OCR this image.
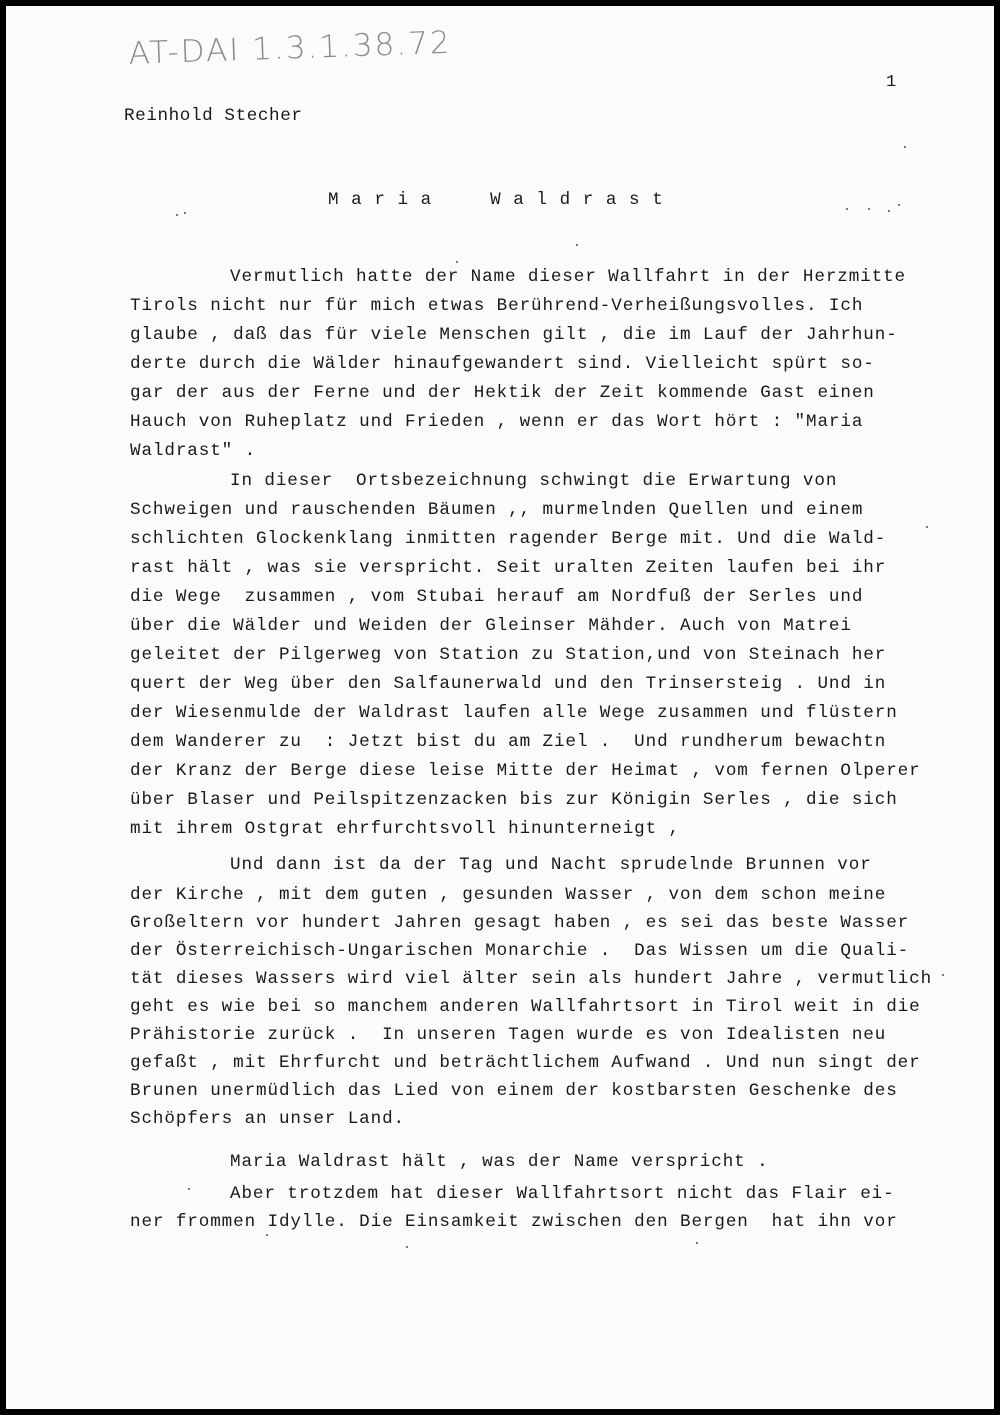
AT-DAI 1.3.1.38.72
1
Reinhold Stecher
Maria  Waldrast
Vermutlich hatte der Name dieser Wallfahrt in der Herzmitte
Tirols nicht nur für mich etwas Berührend-Verheißungsvolles. Ich
glaube , daß das für viele Menschen gilt , die im Lauf der Jahrhun-
derte durch die Wälder hinaufgewandert sind. Vielleicht spürt so-
gar der aus der Ferne und der Hektik der Zeit kommende Gast einen
Hauch von Ruheplatz und Frieden , wenn er das Wort hört : "Maria
Waldrast" .
In dieser  Ortsbezeichnung schwingt die Erwartung von
Schweigen und rauschenden Bäumen ,, murmelnden Quellen und einem
schlichten Glockenklang inmitten ragender Berge mit. Und die Wald-
rast hält , was sie verspricht. Seit uralten Zeiten laufen bei ihr
die Wege  zusammen , vom Stubai herauf am Nordfuß der Serles und
über die Wälder und Weiden der Gleinser Mähder. Auch von Matrei
geleitet der Pilgerweg von Station zu Station,und von Steinach her
quert der Weg über den Salfaunerwald und den Trinsersteig . Und in
der Wiesenmulde der Waldrast laufen alle Wege zusammen und flüstern
dem Wanderer zu  : Jetzt bist du am Ziel .  Und rundherum bewachtn
der Kranz der Berge diese leise Mitte der Heimat , vom fernen Olperer
über Blaser und Peilspitzenzacken bis zur Königin Serles , die sich
mit ihrem Ostgrat ehrfurchtsvoll hinunterneigt ,
Und dann ist da der Tag und Nacht sprudelnde Brunnen vor
der Kirche , mit dem guten , gesunden Wasser , von dem schon meine
Großeltern vor hundert Jahren gesagt haben , es sei das beste Wasser
der Österreichisch-Ungarischen Monarchie .  Das Wissen um die Quali-
tät dieses Wassers wird viel älter sein als hundert Jahre , vermutlich
geht es wie bei so manchem anderen Wallfahrtsort in Tirol weit in die
Prähistorie zurück .  In unseren Tagen wurde es von Idealisten neu
gefaßt , mit Ehrfurcht und beträchtlichem Aufwand . Und nun singt der
Brunen unermüdlich das Lied von einem der kostbarsten Geschenke des
Schöpfers an unser Land.
Maria Waldrast hält , was der Name verspricht .
Aber trotzdem hat dieser Wallfahrtsort nicht das Flair ei-
ner frommen Idylle. Die Einsamkeit zwischen den Bergen  hat ihn vor
